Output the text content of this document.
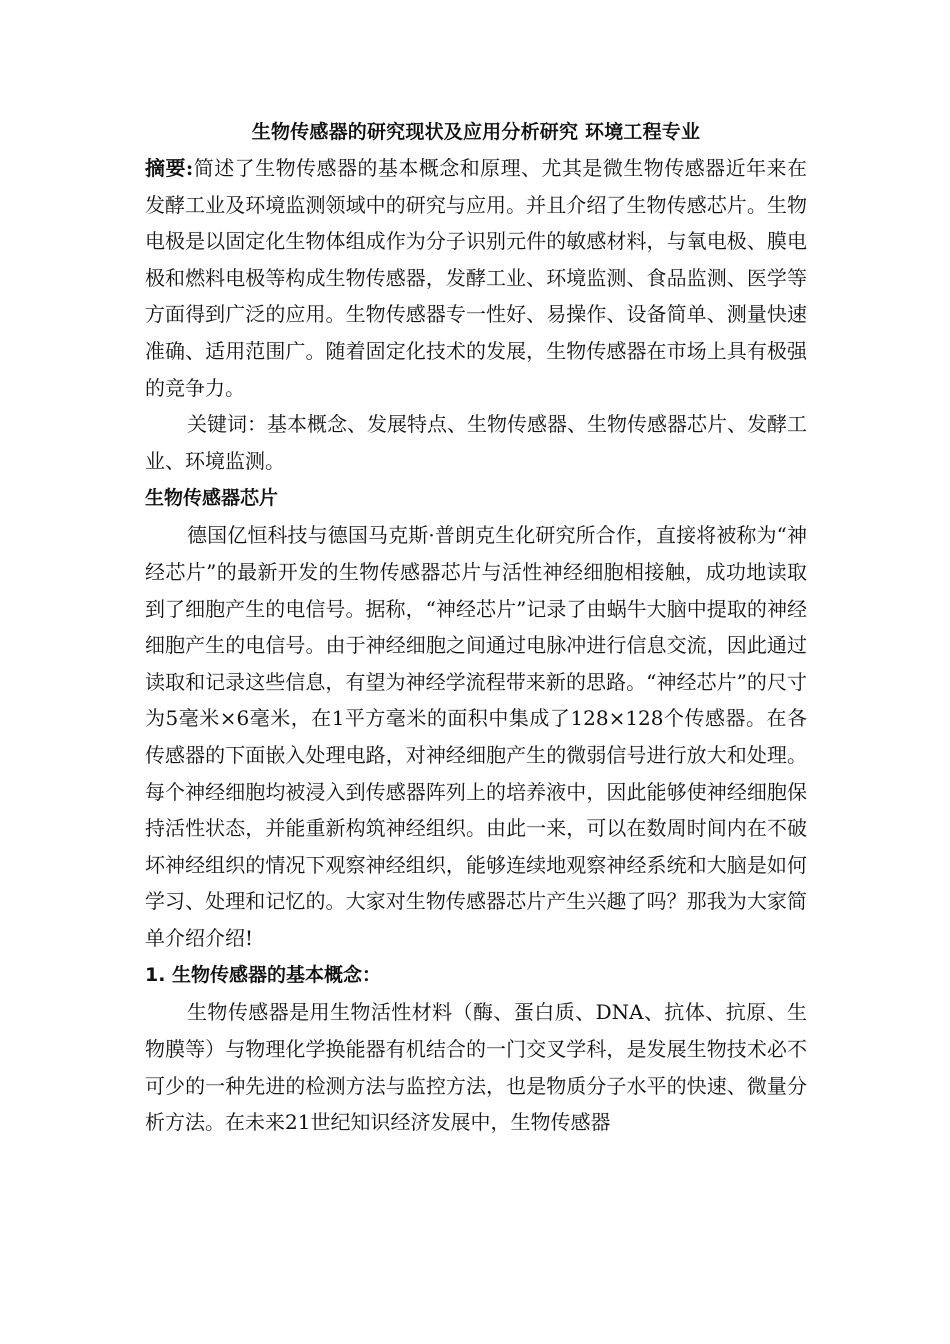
生物传感器的研究现状及应用分析研究 环境工程专业

摘要:简述了生物传感器的基本概念和原理、尤其是微生物传感器近年来在发酵工业及环境监测领域中的研究与应用。并且介绍了生物传感芯片。生物电极是以固定化生物体组成作为分子识别元件的敏感材料，与氧电极、膜电极和燃料电极等构成生物传感器，发酵工业、环境监测、食品监测、医学等方面得到广泛的应用。生物传感器专一性好、易操作、设备简单、测量快速准确、适用范围广。随着固定化技术的发展，生物传感器在市场上具有极强的竞争力。

关键词：基本概念、发展特点、生物传感器、生物传感器芯片、发酵工业、环境监测。

生物传感器芯片

德国亿恒科技与德国马克斯·普朗克生化研究所合作，直接将被称为“神经芯片”的最新开发的生物传感器芯片与活性神经细胞相接触，成功地读取到了细胞产生的电信号。据称，“神经芯片”记录了由蜗牛大脑中提取的神经细胞产生的电信号。由于神经细胞之间通过电脉冲进行信息交流，因此通过读取和记录这些信息，有望为神经学流程带来新的思路。“神经芯片”的尺寸为5毫米×6毫米，在1平方毫米的面积中集成了128×128个传感器。在各传感器的下面嵌入处理电路，对神经细胞产生的微弱信号进行放大和处理。每个神经细胞均被浸入到传感器阵列上的培养液中，因此能够使神经细胞保持活性状态，并能重新构筑神经组织。由此一来，可以在数周时间内在不破坏神经组织的情况下观察神经组织，能够连续地观察神经系统和大脑是如何学习、处理和记忆的。大家对生物传感器芯片产生兴趣了吗？那我为大家简单介绍介绍!

1. 生物传感器的基本概念：

生物传感器是用生物活性材料（酶、蛋白质、DNA、抗体、抗原、生物膜等）与物理化学换能器有机结合的一门交叉学科，是发展生物技术必不可少的一种先进的检测方法与监控方法，也是物质分子水平的快速、微量分析方法。在未来21世纪知识经济发展中，生物传感器
